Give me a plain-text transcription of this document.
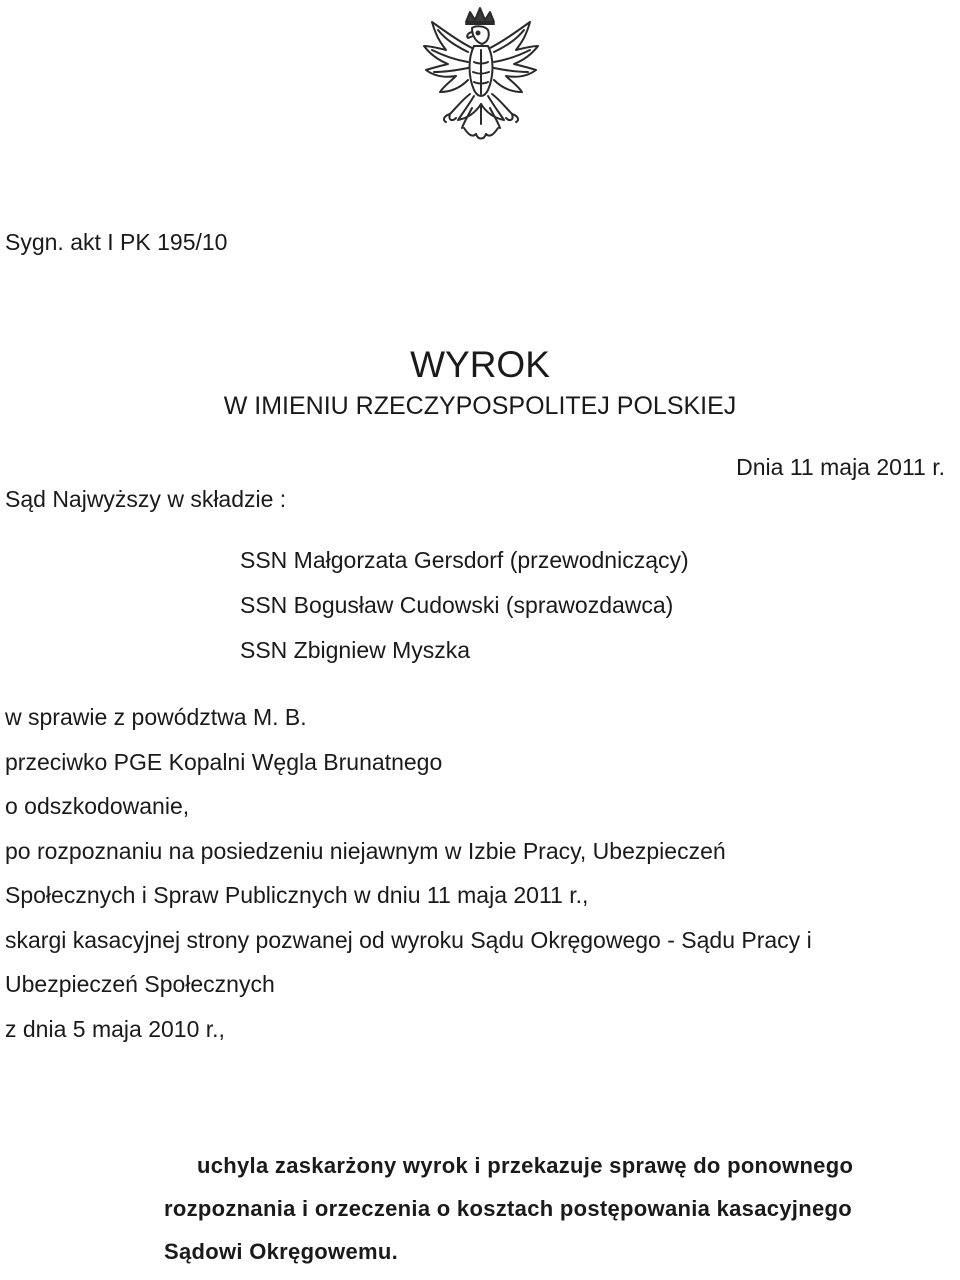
Sygn. akt I PK 195/10
WYROK
W IMIENIU RZECZYPOSPOLITEJ POLSKIEJ
Dnia 11 maja 2011 r.
Sąd Najwyższy w składzie :
SSN Małgorzata Gersdorf (przewodniczący)
SSN Bogusław Cudowski (sprawozdawca)
SSN Zbigniew Myszka
w sprawie z powództwa M. B.
przeciwko PGE Kopalni Węgla Brunatnego
o odszkodowanie,
po rozpoznaniu na posiedzeniu niejawnym w Izbie Pracy, Ubezpieczeń
Społecznych i Spraw Publicznych w dniu 11 maja 2011 r.,
skargi kasacyjnej strony pozwanej od wyroku Sądu Okręgowego - Sądu Pracy i
Ubezpieczeń Społecznych
z dnia 5 maja 2010 r.,
uchyla zaskarżony wyrok i przekazuje sprawę do ponownego
rozpoznania i orzeczenia o kosztach postępowania kasacyjnego
Sądowi Okręgowemu.
